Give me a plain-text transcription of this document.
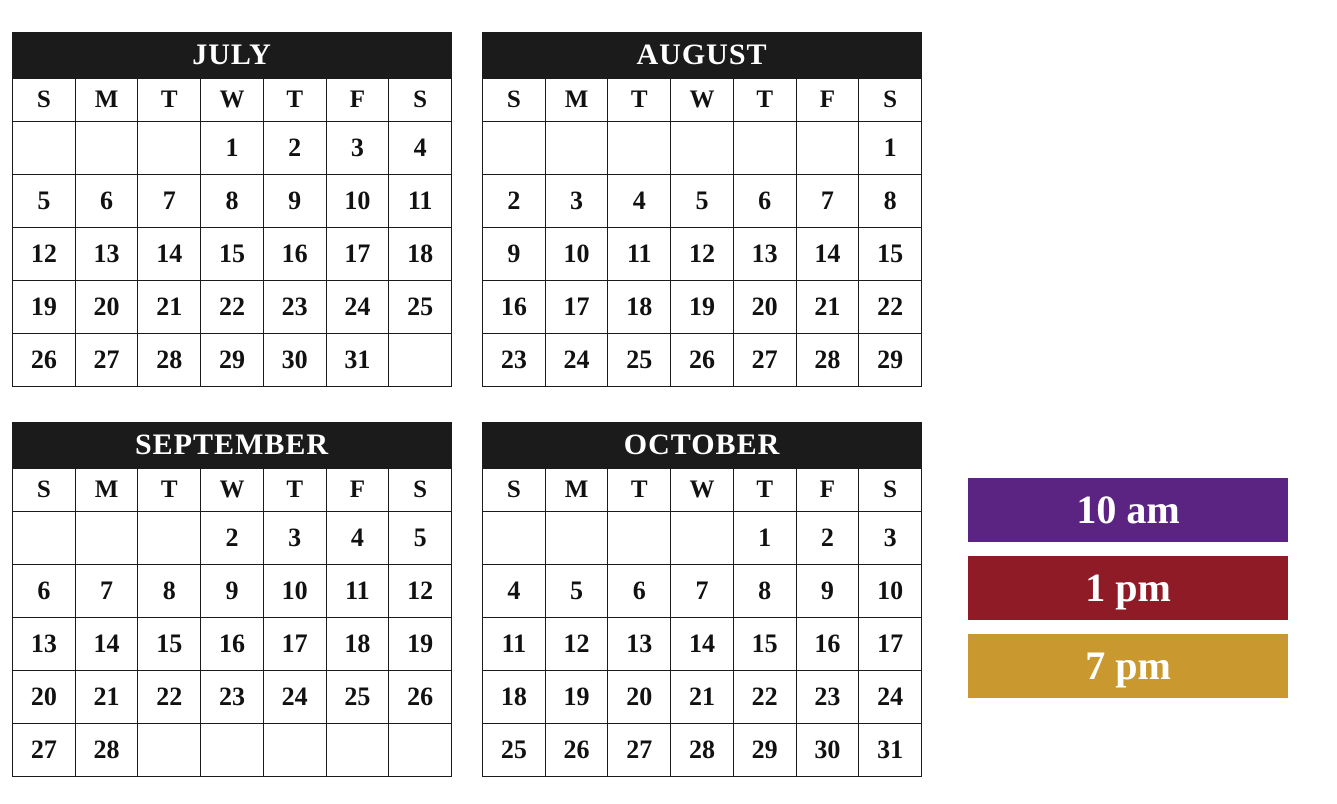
JULY
S	M	T	W	T	F	S
			1	2	3	4
5	6	7	8	9	10	11
12	13	14	15	16	17	18
19	20	21	22	23	24	25
26	27	28	29	30	31	
AUGUST
S	M	T	W	T	F	S
						1
2	3	4	5	6	7	8
9	10	11	12	13	14	15
16	17	18	19	20	21	22
23	24	25	26	27	28	29
SEPTEMBER
S	M	T	W	T	F	S
			2	3	4	5
6	7	8	9	10	11	12
13	14	15	16	17	18	19
20	21	22	23	24	25	26
27	28					
OCTOBER
S	M	T	W	T	F	S
				1	2	3
4	5	6	7	8	9	10
11	12	13	14	15	16	17
18	19	20	21	22	23	24
25	26	27	28	29	30	31
10 am
1 pm
7 pm
